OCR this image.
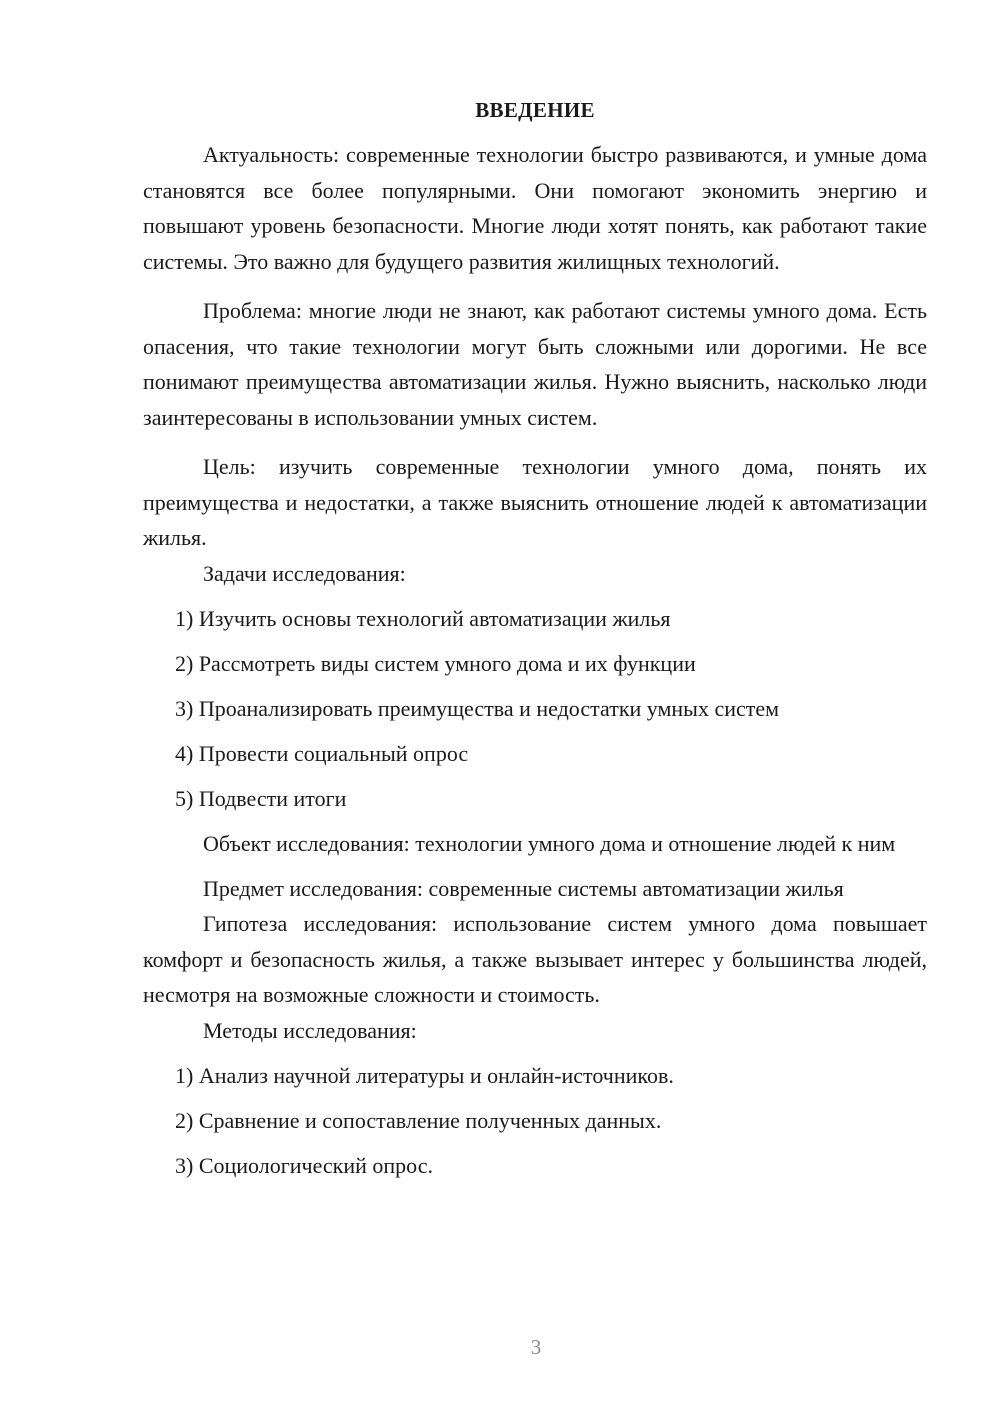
ВВЕДЕНИЕ

Актуальность: современные технологии быстро развиваются, и умные дома становятся все более популярными. Они помогают экономить энергию и повышают уровень безопасности. Многие люди хотят понять, как работают такие системы. Это важно для будущего развития жилищных технологий.

Проблема: многие люди не знают, как работают системы умного дома. Есть опасения, что такие технологии могут быть сложными или дорогими. Не все понимают преимущества автоматизации жилья. Нужно выяснить, насколько люди заинтересованы в использовании умных систем.

Цель: изучить современные технологии умного дома, понять их преимущества и недостатки, а также выяснить отношение людей к автоматизации жилья.

Задачи исследования:

1) Изучить основы технологий автоматизации жилья

2) Рассмотреть виды систем умного дома и их функции

3) Проанализировать преимущества и недостатки умных систем

4) Провести социальный опрос

5) Подвести итоги

Объект исследования: технологии умного дома и отношение людей к ним

Предмет исследования: современные системы автоматизации жилья

Гипотеза исследования: использование систем умного дома повышает комфорт и безопасность жилья, а также вызывает интерес у большинства людей, несмотря на возможные сложности и стоимость.

Методы исследования:

1) Анализ научной литературы и онлайн-источников.

2) Сравнение и сопоставление полученных данных.

3) Социологический опрос.

3
